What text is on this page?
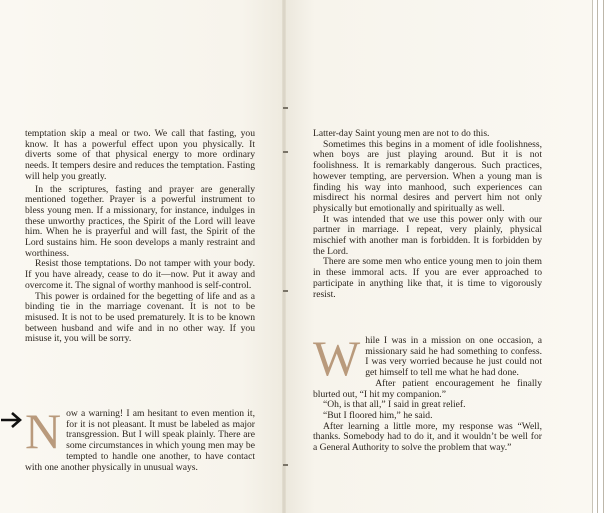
temptation skip a meal or two. We call that fasting, you know. It has a powerful effect upon you physically. It diverts some of that physical energy to more ordinary needs. It tempers desire and reduces the temptation. Fasting will help you greatly.

In the scriptures, fasting and prayer are generally mentioned together. Prayer is a powerful instrument to bless young men. If a missionary, for instance, indulges in these unworthy practices, the Spirit of the Lord will leave him. When he is prayerful and will fast, the Spirit of the Lord sustains him. He soon develops a manly restraint and worthiness.

Resist those temptations. Do not tamper with your body. If you have already, cease to do it—now. Put it away and overcome it. The signal of worthy manhood is self-control.

This power is ordained for the begetting of life and as a binding tie in the marriage covenant. It is not to be misused. It is not to be used prematurely. It is to be known between husband and wife and in no other way. If you misuse it, you will be sorry.

N ow a warning! I am hesitant to even mention it, for it is not pleasant. It must be labeled as major transgression. But I will speak plainly. There are some circumstances in which young men may be tempted to handle one another, to have contact with one another physically in unusual ways.

Latter-day Saint young men are not to do this.

Sometimes this begins in a moment of idle foolishness, when boys are just playing around. But it is not foolishness. It is remarkably dangerous. Such practices, however tempting, are perversion. When a young man is finding his way into manhood, such experiences can misdirect his normal desires and pervert him not only physically but emotionally and spiritually as well.

It was intended that we use this power only with our partner in marriage. I repeat, very plainly, physical mischief with another man is forbidden. It is forbidden by the Lord.

There are some men who entice young men to join them in these immoral acts. If you are ever approached to participate in anything like that, it is time to vigorously resist.

W hile I was in a mission on one occasion, a missionary said he had something to confess. I was very worried because he just could not get himself to tell me what he had done.

After patient encouragement he finally blurted out, “I hit my companion.”

“Oh, is that all,” I said in great relief.

“But I floored him,” he said.

After learning a little more, my response was “Well, thanks. Somebody had to do it, and it wouldn’t be well for a General Authority to solve the problem that way.”
